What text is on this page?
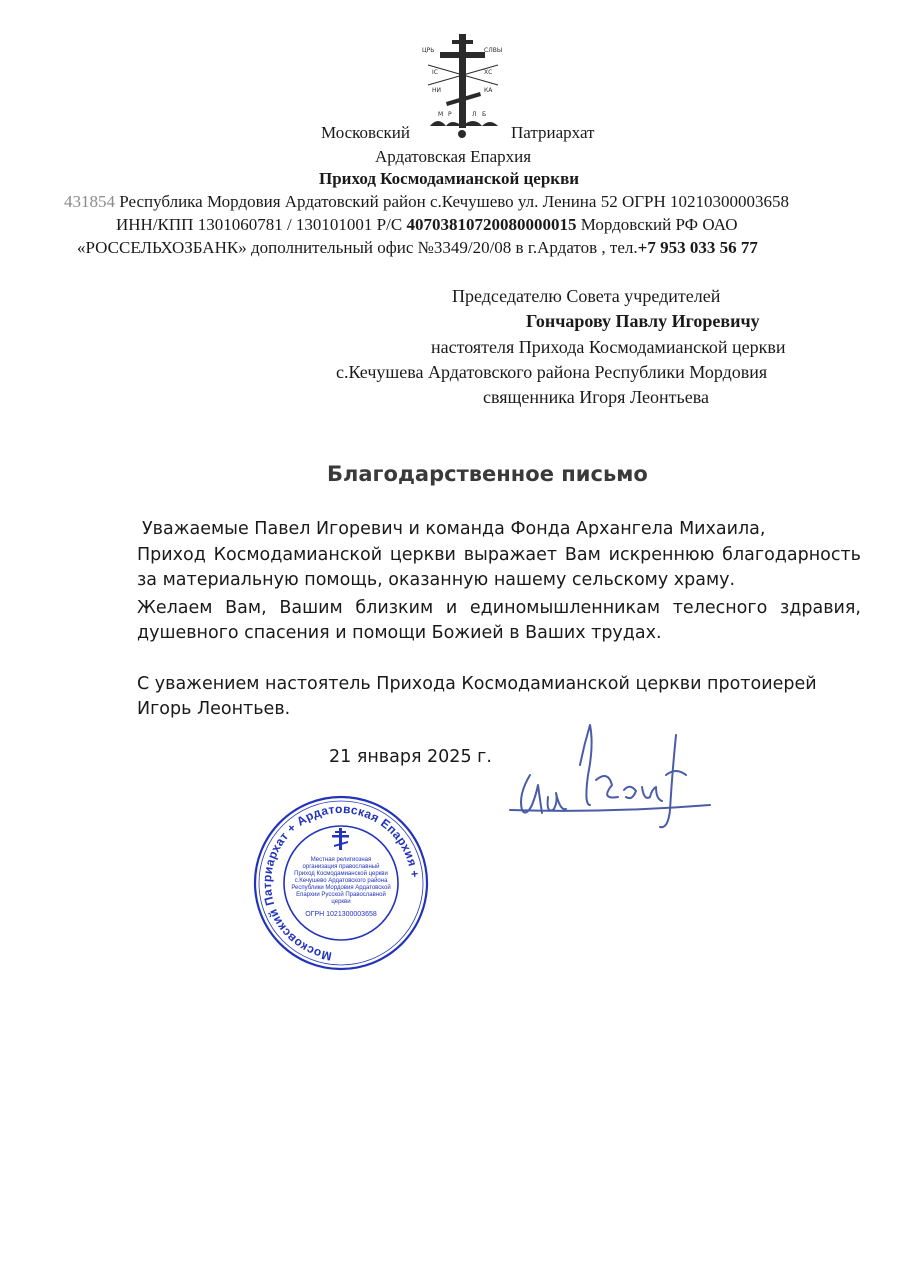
ЦРЬ	СЛВЫ
IС	ХС
НИ	КА
М Р	Л Б
Московский	Патриархат
Ардатовская Епархия
Приход Космодамианской церкви
431854 Республика Мордовия Ардатовский район с.Кечушево ул. Ленина 52 ОГРН 10210300003658
ИНН/КПП 1301060781 / 130101001 Р/С 40703810720080000015 Мордовский РФ ОАО
«РОССЕЛЬХОЗБАНК» дополнительный офис №3349/20/08 в г.Ардатов , тел.+7 953 033 56 77
Председателю Совета учредителей
Гончарову Павлу Игоревичу
настоятеля Прихода Космодамианской церкви
с.Кечушева Ардатовского района Республики Мордовия
священника Игоря Леонтьева
Благодарственное письмо
Уважаемые Павел Игоревич и команда Фонда Архангела Михаила,
Приход Космодамианской церкви выражает Вам искреннюю благодарность за материальную помощь, оказанную нашему сельскому храму.
Желаем Вам, Вашим близким и единомышленникам телесного здравия, душевного спасения и помощи Божией в Ваших трудах.
С уважением настоятель Прихода Космодамианской церкви протоиерей
Игорь Леонтьев.
21 января 2025 г.
Московский Патриархат + Ардатовская Епархия +
Местная религиозная
организация православный
Приход Космодамианской церкви
с.Кечушево Ардатовского района
Республики Мордовия Ардатовской
Епархии Русской Православной
церкви
ОГРН 1021300003658
